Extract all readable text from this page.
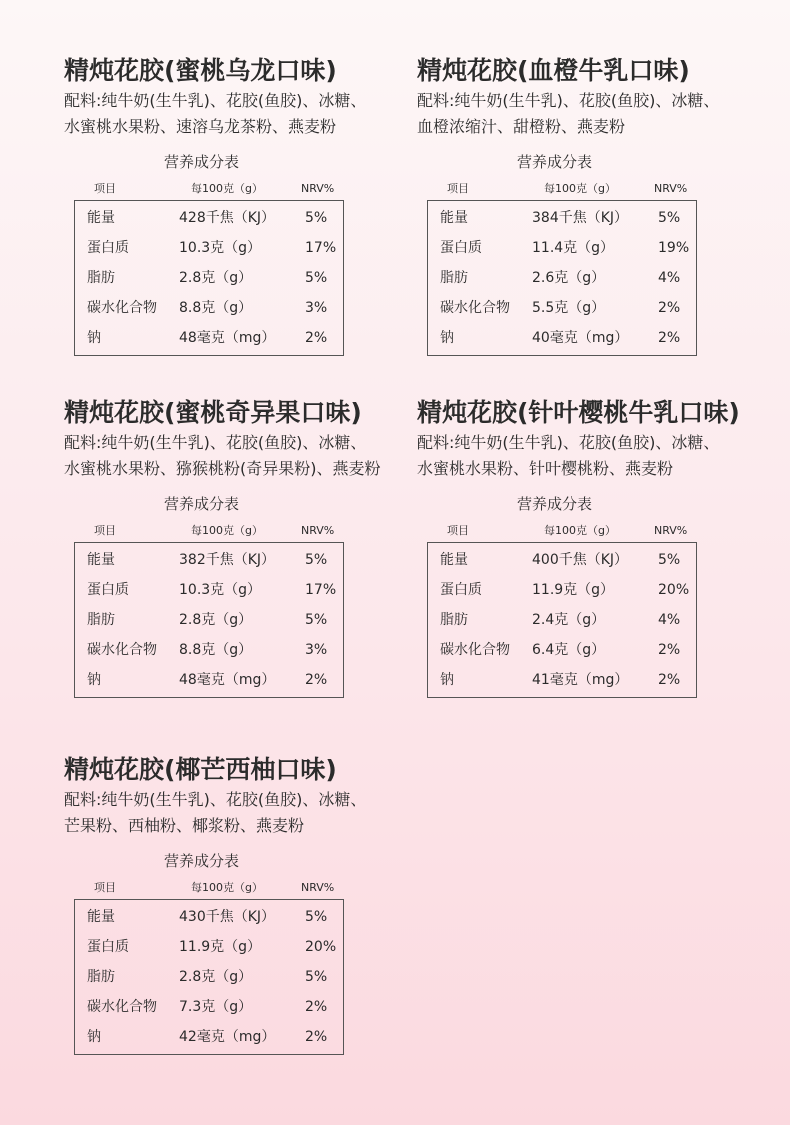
精炖花胶(蜜桃乌龙口味)

配料:纯牛奶(生牛乳)、花胶(鱼胶)、冰糖、
水蜜桃水果粉、速溶乌龙茶粉、燕麦粉

营养成分表
项目	每100克（g）	NRV%
能量	428千焦（KJ） 5%
蛋白质	10.3克（g）	17%
脂肪	2.8克（g）	5%
碳水化合物 8.8克（g）	3%
钠	48毫克（mg） 2%
精炖花胶(血橙牛乳口味)

配料:纯牛奶(生牛乳)、花胶(鱼胶)、冰糖、
血橙浓缩汁、甜橙粉、燕麦粉

营养成分表
项目	每100克（g）	NRV%
能量	384千焦（KJ） 5%
蛋白质	11.4克（g）	19%
脂肪	2.6克（g）	4%
碳水化合物 5.5克（g）	2%
钠	40毫克（mg） 2%
精炖花胶(蜜桃奇异果口味)

配料:纯牛奶(生牛乳)、花胶(鱼胶)、冰糖、
水蜜桃水果粉、猕猴桃粉(奇异果粉)、燕麦粉

营养成分表
项目	每100克（g）	NRV%
能量	382千焦（KJ） 5%
蛋白质	10.3克（g）	17%
脂肪	2.8克（g）	5%
碳水化合物 8.8克（g）	3%
钠	48毫克（mg） 2%
精炖花胶(针叶樱桃牛乳口味)

配料:纯牛奶(生牛乳)、花胶(鱼胶)、冰糖、
水蜜桃水果粉、针叶樱桃粉、燕麦粉

营养成分表
项目	每100克（g）	NRV%
能量	400千焦（KJ） 5%
蛋白质	11.9克（g）	20%
脂肪	2.4克（g）	4%
碳水化合物 6.4克（g）	2%
钠	41毫克（mg） 2%
精炖花胶(椰芒西柚口味)

配料:纯牛奶(生牛乳)、花胶(鱼胶)、冰糖、
芒果粉、西柚粉、椰浆粉、燕麦粉

营养成分表
项目	每100克（g）	NRV%
能量	430千焦（KJ） 5%
蛋白质	11.9克（g）	20%
脂肪	2.8克（g）	5%
碳水化合物 7.3克（g）	2%
钠	42毫克（mg） 2%
